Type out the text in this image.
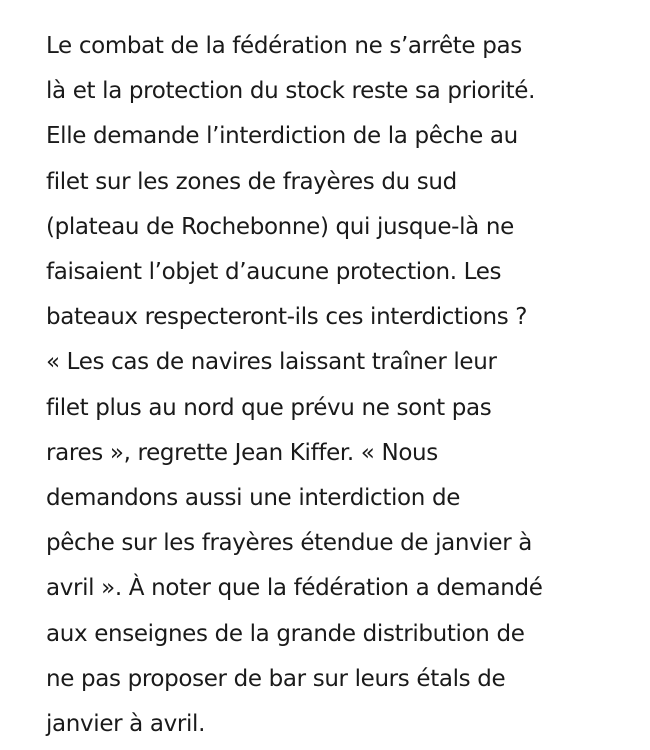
Le combat de la fédération ne s’arrête pas
là et la protection du stock reste sa priorité.
Elle demande l’interdiction de la pêche au
filet sur les zones de frayères du sud
(plateau de Rochebonne) qui jusque-là ne
faisaient l’objet d’aucune protection. Les
bateaux respecteront-ils ces interdictions ?
« Les cas de navires laissant traîner leur
filet plus au nord que prévu ne sont pas
rares », regrette Jean Kiffer. « Nous
demandons aussi une interdiction de
pêche sur les frayères étendue de janvier à
avril ». À noter que la fédération a demandé
aux enseignes de la grande distribution de
ne pas proposer de bar sur leurs étals de
janvier à avril.
